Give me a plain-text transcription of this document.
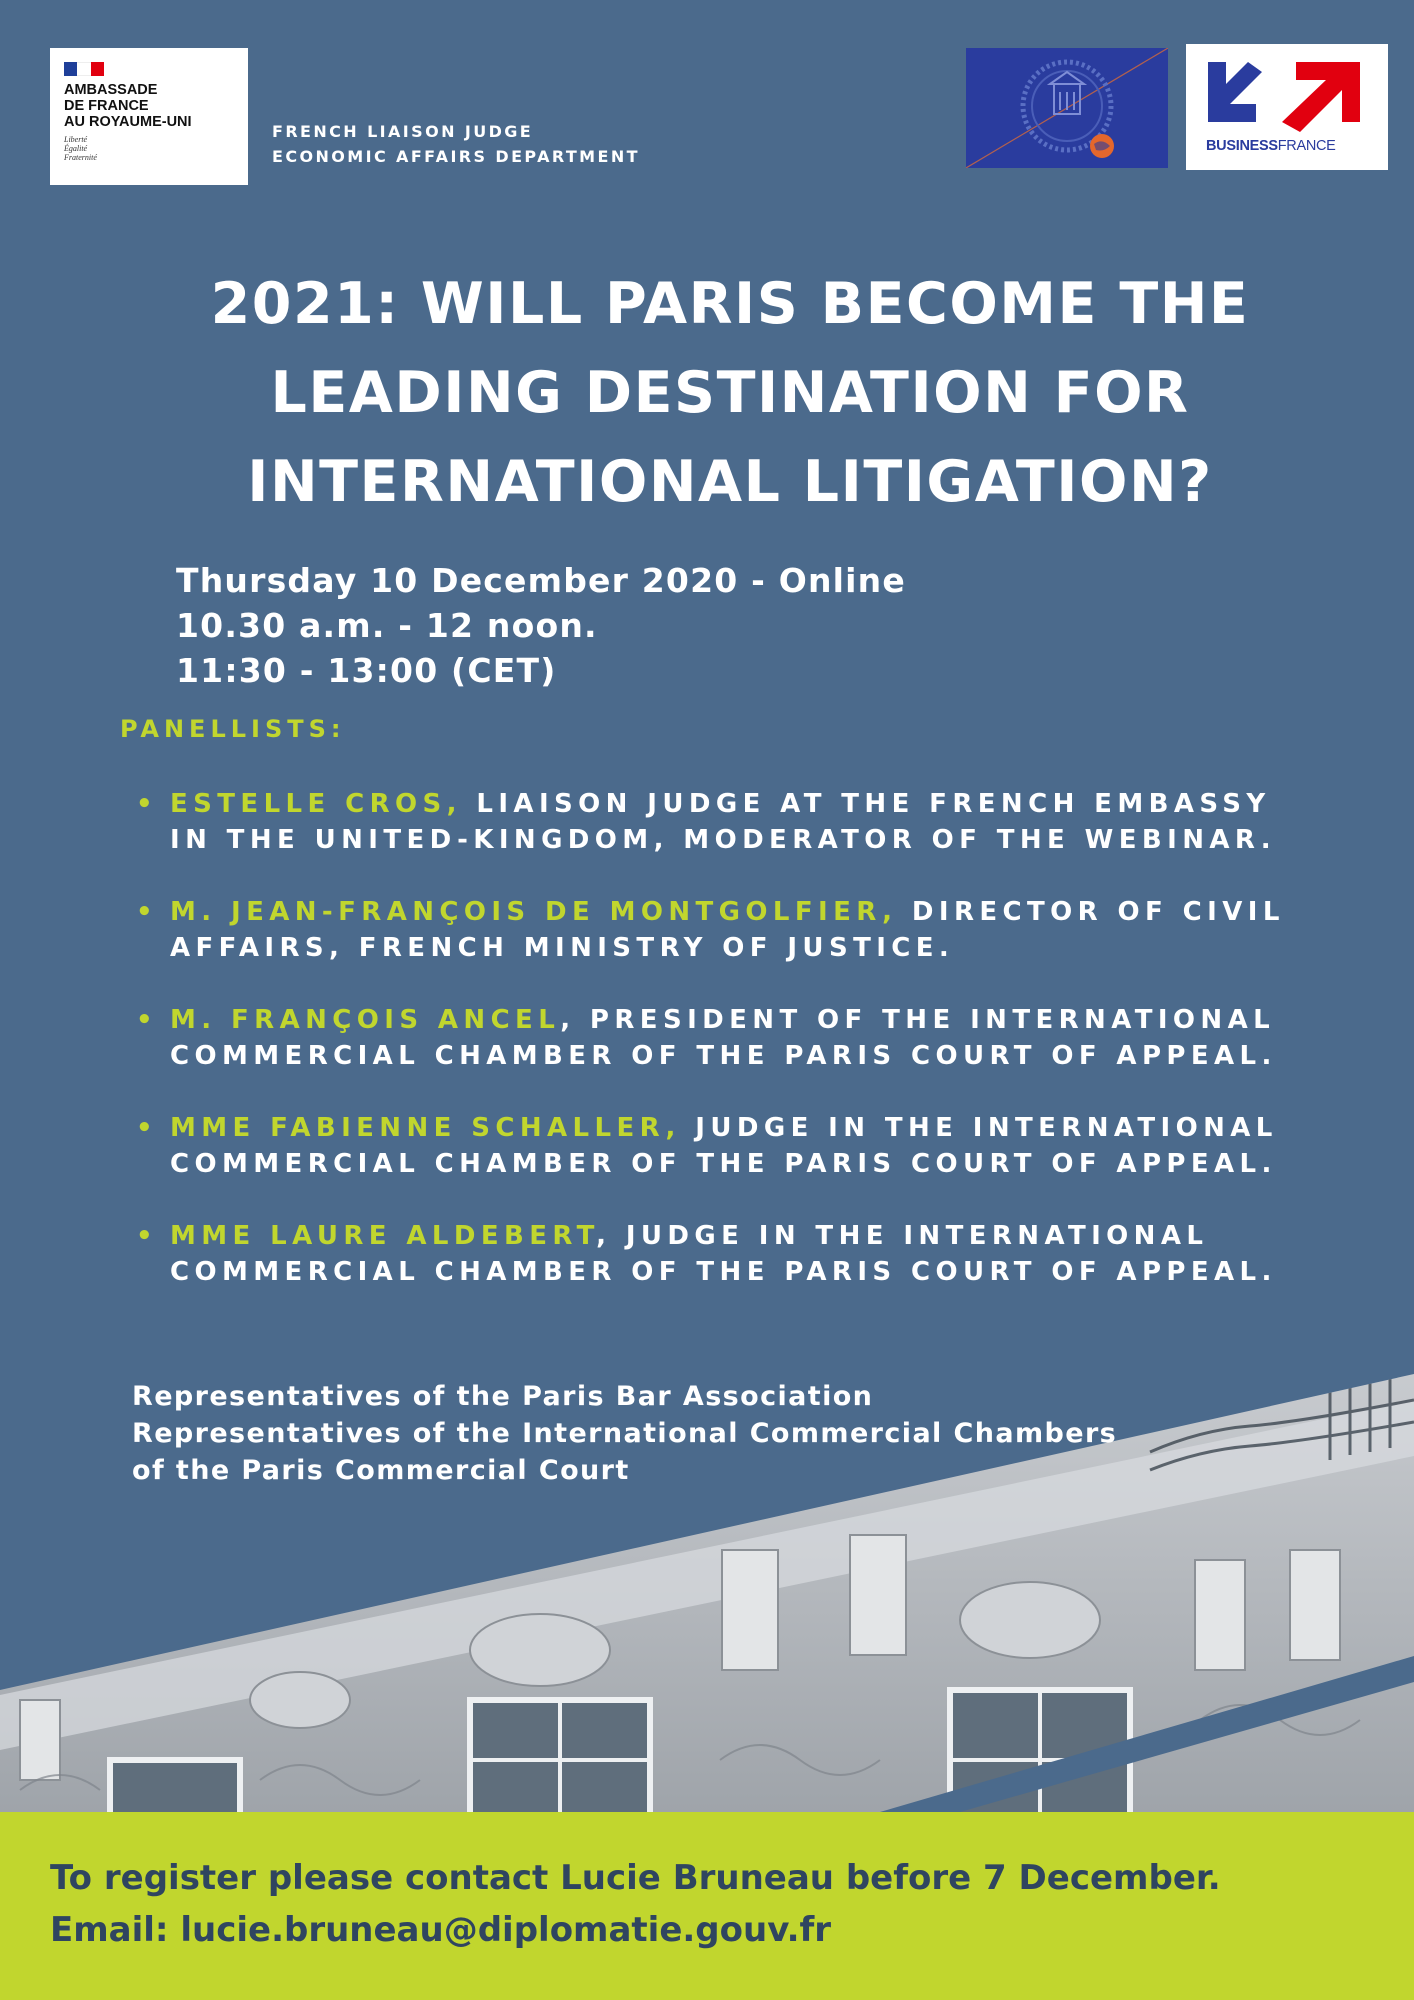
AMBASSADE
DE FRANCE
AU ROYAUME-UNI
Liberté
Égalité
Fraternité
FRENCH LIAISON JUDGE
ECONOMIC AFFAIRS DEPARTMENT
BUSINESSFRANCE
2021: WILL PARIS BECOME THE
LEADING DESTINATION FOR
INTERNATIONAL LITIGATION?
Thursday 10 December 2020 - Online
10.30 a.m. - 12 noon.
11:30 - 13:00 (CET)
PANELLISTS:
• ESTELLE CROS, LIAISON JUDGE AT THE FRENCH EMBASSY
IN THE UNITED-KINGDOM, MODERATOR OF THE WEBINAR.
• M. JEAN-FRANÇOIS DE MONTGOLFIER, DIRECTOR OF CIVIL
AFFAIRS, FRENCH MINISTRY OF JUSTICE.
• M. FRANÇOIS ANCEL, PRESIDENT OF THE INTERNATIONAL
COMMERCIAL CHAMBER OF THE PARIS COURT OF APPEAL.
• MME FABIENNE SCHALLER, JUDGE IN THE INTERNATIONAL
COMMERCIAL CHAMBER OF THE PARIS COURT OF APPEAL.
• MME LAURE ALDEBERT, JUDGE IN THE INTERNATIONAL
COMMERCIAL CHAMBER OF THE PARIS COURT OF APPEAL.
Representatives of the Paris Bar Association
Representatives of the International Commercial Chambers
of the Paris Commercial Court
To register please contact Lucie Bruneau before 7 December.
Email: lucie.bruneau@diplomatie.gouv.fr
